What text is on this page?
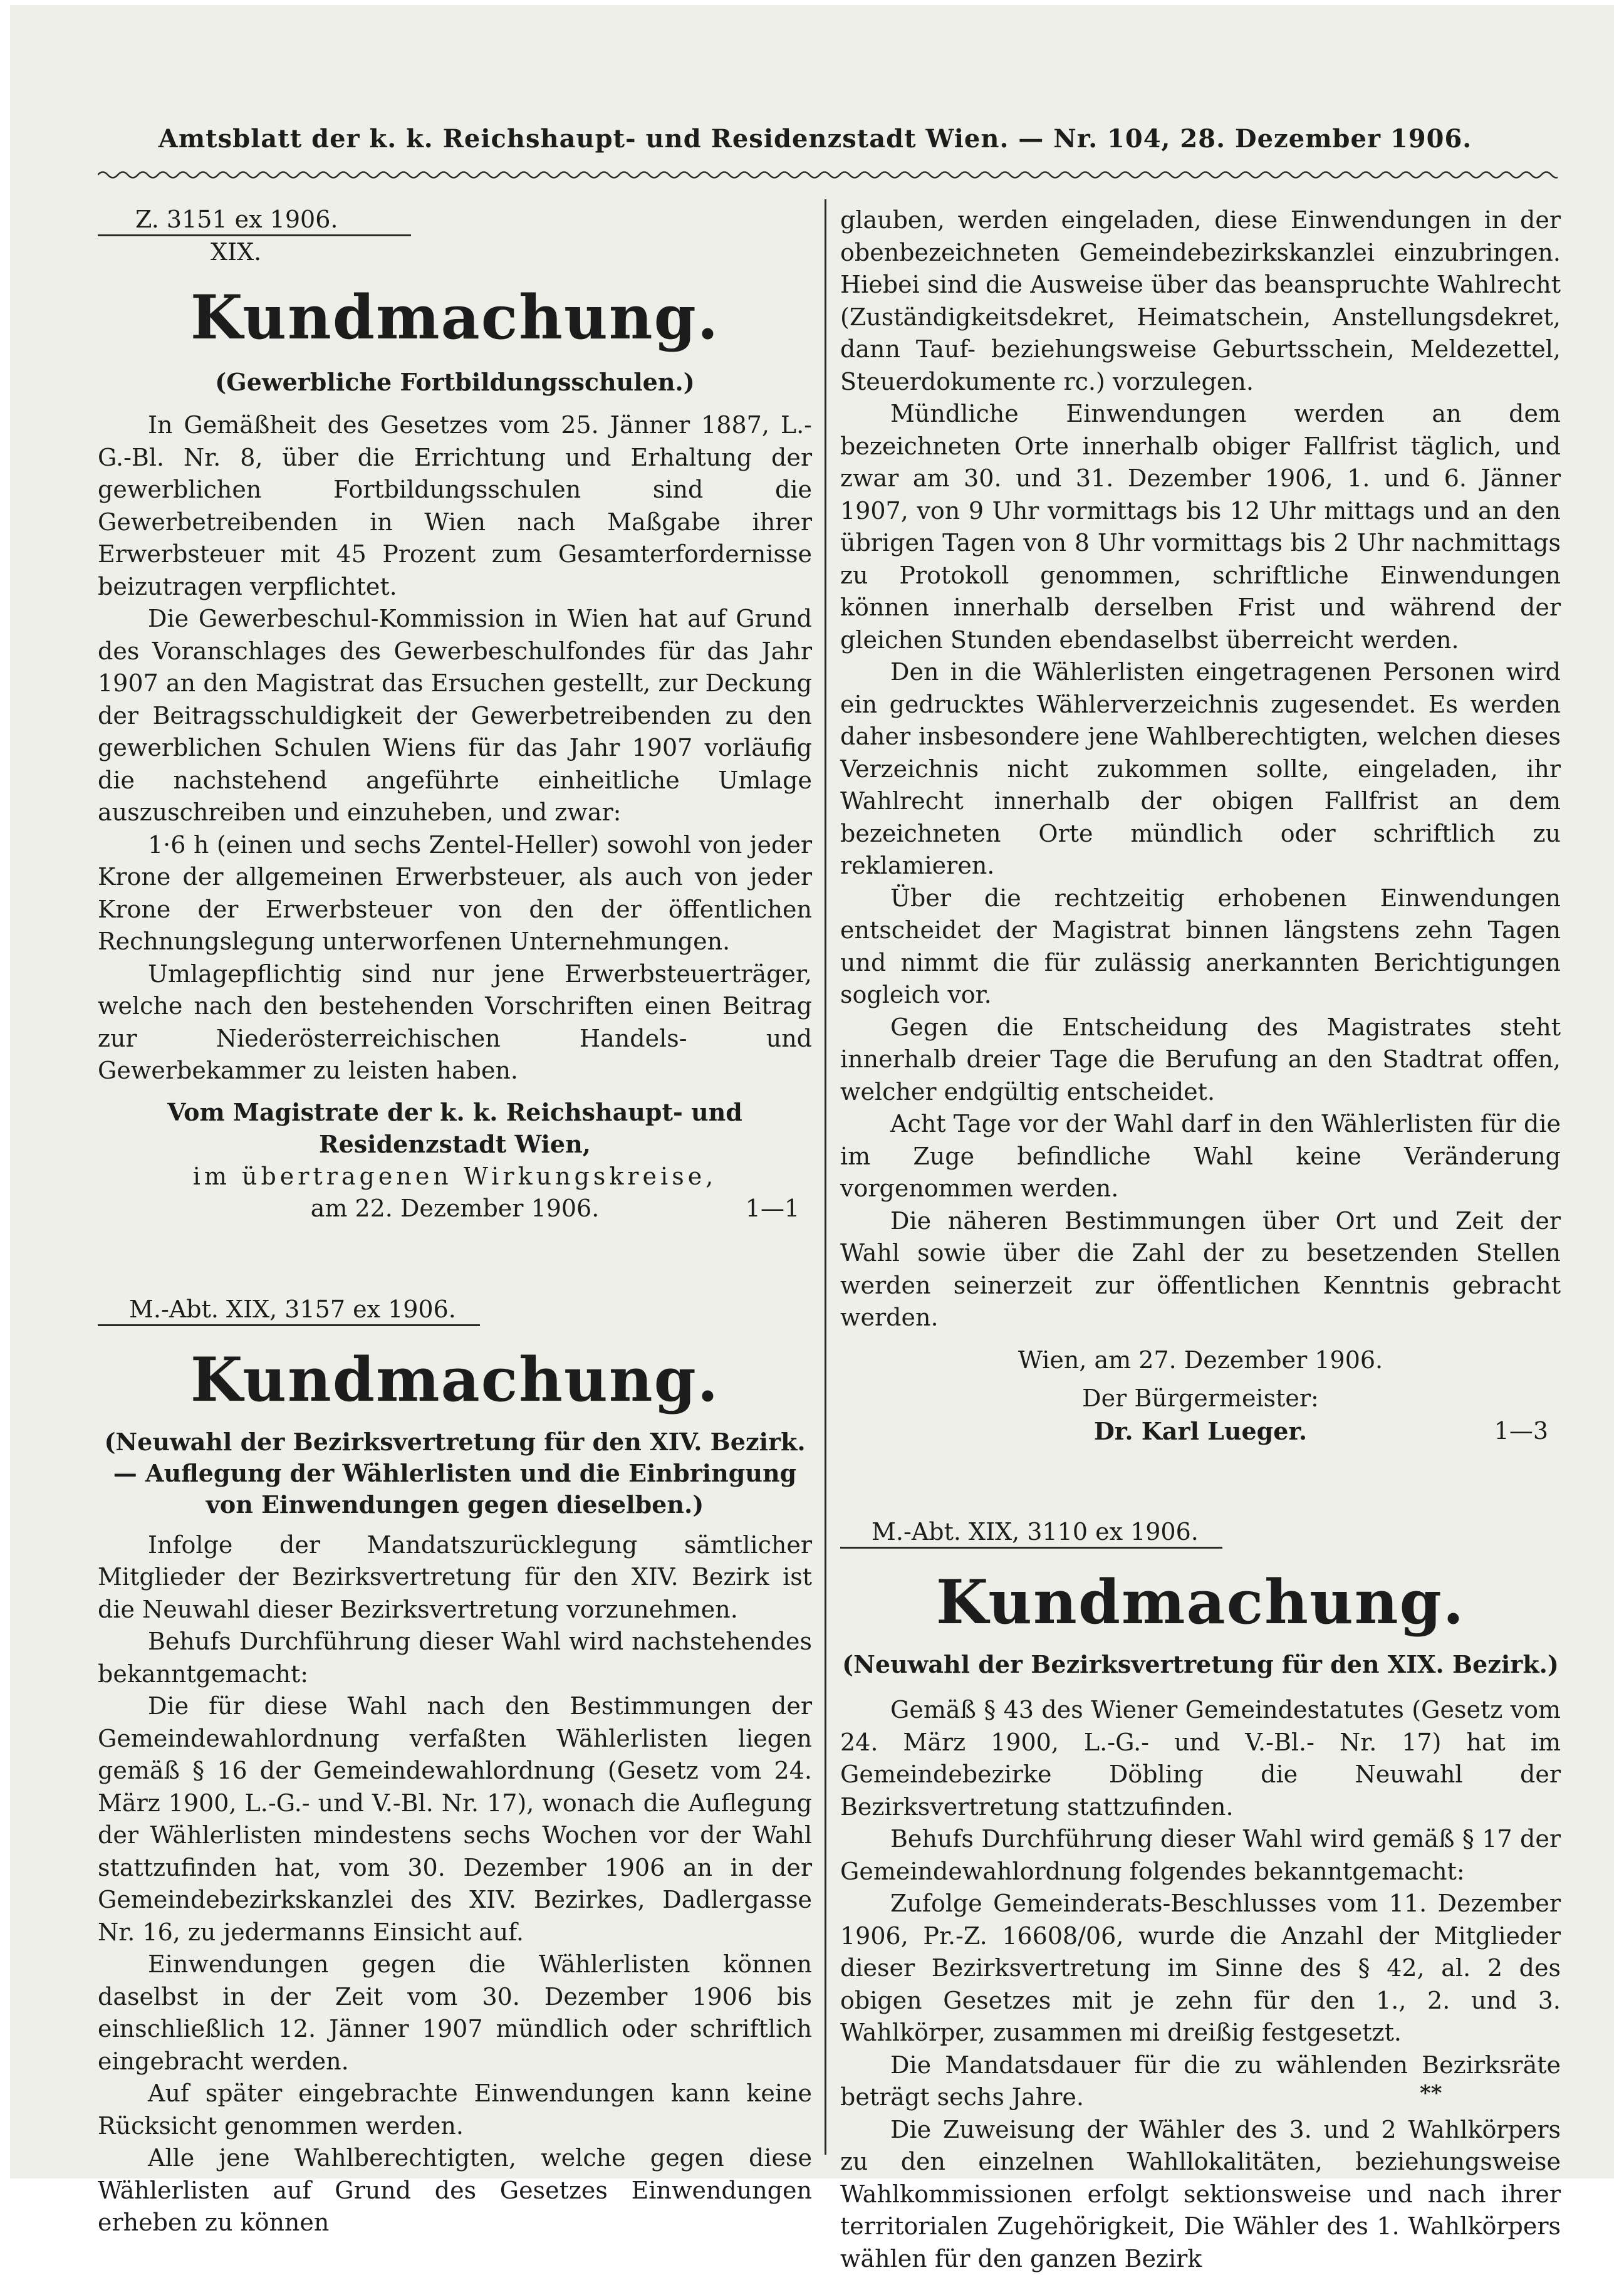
Amtsblatt der k. k. Reichshaupt- und Residenzstadt Wien. — Nr. 104, 28. Dezember 1906.
Z. 3151 ex 1906.
XIX.
Kundmachung.
(Gewerbliche Fortbildungsschulen.)

In Gemäßheit des Gesetzes vom 25. Jänner 1887, L.-G.-Bl. Nr. 8, über die Errichtung und Erhaltung der gewerblichen Fortbildungsschulen sind die Gewerbetreibenden in Wien nach Maßgabe ihrer Erwerbsteuer mit 45 Prozent zum Gesamterfordernisse beizutragen verpflichtet.

Die Gewerbeschul-Kommission in Wien hat auf Grund des Voranschlages des Gewerbeschulfondes für das Jahr 1907 an den Magistrat das Ersuchen gestellt, zur Deckung der Beitragsschuldigkeit der Gewerbetreibenden zu den gewerblichen Schulen Wiens für das Jahr 1907 vorläufig die nachstehend angeführte einheitliche Umlage auszuschreiben und einzuheben, und zwar:

1·6 h (einen und sechs Zentel-Heller) sowohl von jeder Krone der allgemeinen Erwerbsteuer, als auch von jeder Krone der Erwerbsteuer von den der öffentlichen Rechnungslegung unterworfenen Unternehmungen.

Umlagepflichtig sind nur jene Erwerbsteuerträger, welche nach den bestehenden Vorschriften einen Beitrag zur Niederösterreichischen Handels- und Gewerbekammer zu leisten haben.

Vom Magistrate der k. k. Reichshaupt- und Residenzstadt Wien,
im übertragenen Wirkungskreise,
am 22. Dezember 1906.	1—1
M.-Abt. XIX, 3157 ex 1906.
Kundmachung.
(Neuwahl der Bezirksvertretung für den XIV. Bezirk. — Auflegung der Wählerlisten und die Einbringung von Einwendungen gegen dieselben.)

Infolge der Mandatszurücklegung sämtlicher Mitglieder der Bezirksvertretung für den XIV. Bezirk ist die Neuwahl dieser Bezirksvertretung vorzunehmen.

Behufs Durchführung dieser Wahl wird nachstehendes bekanntgemacht:

Die für diese Wahl nach den Bestimmungen der Gemeindewahlordnung verfaßten Wählerlisten liegen gemäß § 16 der Gemeindewahlordnung (Gesetz vom 24. März 1900, L.-G.- und V.-Bl. Nr. 17), wonach die Auflegung der Wählerlisten mindestens sechs Wochen vor der Wahl stattzufinden hat, vom 30. Dezember 1906 an in der Gemeindebezirkskanzlei des XIV. Bezirkes, Dadlergasse Nr. 16, zu jedermanns Einsicht auf.

Einwendungen gegen die Wählerlisten können daselbst in der Zeit vom 30. Dezember 1906 bis einschließlich 12. Jänner 1907 mündlich oder schriftlich eingebracht werden.

Auf später eingebrachte Einwendungen kann keine Rücksicht genommen werden.

Alle jene Wahlberechtigten, welche gegen diese Wählerlisten auf Grund des Gesetzes Einwendungen erheben zu können

glauben, werden eingeladen, diese Einwendungen in der obenbezeichneten Gemeindebezirkskanzlei einzubringen. Hiebei sind die Ausweise über das beanspruchte Wahlrecht (Zuständigkeitsdekret, Heimatschein, Anstellungsdekret, dann Tauf- beziehungsweise Geburtsschein, Meldezettel, Steuerdokumente rc.) vorzulegen.

Mündliche Einwendungen werden an dem bezeichneten Orte innerhalb obiger Fallfrist täglich, und zwar am 30. und 31. Dezember 1906, 1. und 6. Jänner 1907, von 9 Uhr vormittags bis 12 Uhr mittags und an den übrigen Tagen von 8 Uhr vormittags bis 2 Uhr nachmittags zu Protokoll genommen, schriftliche Einwendungen können innerhalb derselben Frist und während der gleichen Stunden ebendaselbst überreicht werden.

Den in die Wählerlisten eingetragenen Personen wird ein gedrucktes Wählerverzeichnis zugesendet. Es werden daher insbesondere jene Wahlberechtigten, welchen dieses Verzeichnis nicht zukommen sollte, eingeladen, ihr Wahlrecht innerhalb der obigen Fallfrist an dem bezeichneten Orte mündlich oder schriftlich zu reklamieren.

Über die rechtzeitig erhobenen Einwendungen entscheidet der Magistrat binnen längstens zehn Tagen und nimmt die für zulässig anerkannten Berichtigungen sogleich vor.

Gegen die Entscheidung des Magistrates steht innerhalb dreier Tage die Berufung an den Stadtrat offen, welcher endgültig entscheidet.

Acht Tage vor der Wahl darf in den Wählerlisten für die im Zuge befindliche Wahl keine Veränderung vorgenommen werden.

Die näheren Bestimmungen über Ort und Zeit der Wahl sowie über die Zahl der zu besetzenden Stellen werden seinerzeit zur öffentlichen Kenntnis gebracht werden.

Wien, am 27. Dezember 1906.
Der Bürgermeister:
Dr. Karl Lueger.	1—3
M.-Abt. XIX, 3110 ex 1906.
Kundmachung.
(Neuwahl der Bezirksvertretung für den XIX. Bezirk.)

Gemäß § 43 des Wiener Gemeindestatutes (Gesetz vom 24. März 1900, L.-G.- und V.-Bl.- Nr. 17) hat im Gemeindebezirke Döbling die Neuwahl der Bezirksvertretung stattzufinden.

Behufs Durchführung dieser Wahl wird gemäß § 17 der Gemeindewahlordnung folgendes bekanntgemacht:

Zufolge Gemeinderats-Beschlusses vom 11. Dezember 1906, Pr.-Z. 16608/06, wurde die Anzahl der Mitglieder dieser Bezirksvertretung im Sinne des § 42, al. 2 des obigen Gesetzes mit je zehn für den 1., 2. und 3. Wahlkörper, zusammen mi dreißig festgesetzt.

Die Mandatsdauer für die zu wählenden Bezirksräte beträgt sechs Jahre.

Die Zuweisung der Wähler des 3. und 2 Wahlkörpers zu den einzelnen Wahllokalitäten, beziehungsweise Wahlkommissionen erfolgt sektionsweise und nach ihrer territorialen Zugehörigkeit, Die Wähler des 1. Wahlkörpers wählen für den ganzen Bezirk

**
